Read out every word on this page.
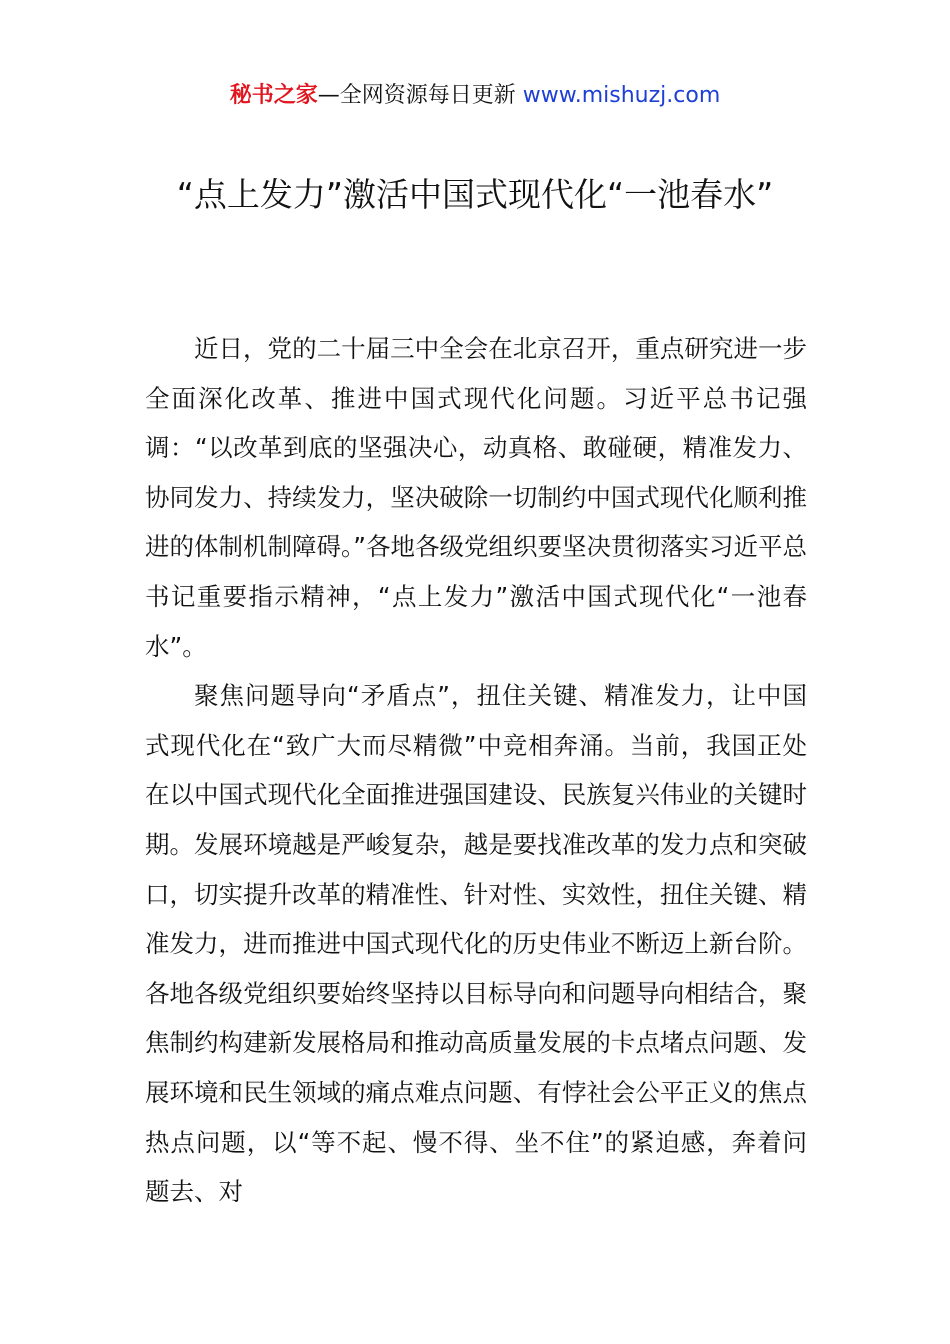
秘书之家—全网资源每日更新 www.mishuzj.com
“点上发力”激活中国式现代化“一池春水”

近日，党的二十届三中全会在北京召开，重点研究进一步全面深化改革、推进中国式现代化问题。习近平总书记强调：“以改革到底的坚强决心，动真格、敢碰硬，精准发力、协同发力、持续发力，坚决破除一切制约中国式现代化顺利推进的体制机制障碍。”各地各级党组织要坚决贯彻落实习近平总书记重要指示精神，“点上发力”激活中国式现代化“一池春水”。

聚焦问题导向“矛盾点”，扭住关键、精准发力，让中国式现代化在“致广大而尽精微”中竞相奔涌。当前，我国正处在以中国式现代化全面推进强国建设、民族复兴伟业的关键时期。发展环境越是严峻复杂，越是要找准改革的发力点和突破口，切实提升改革的精准性、针对性、实效性，扭住关键、精准发力，进而推进中国式现代化的历史伟业不断迈上新台阶。各地各级党组织要始终坚持以目标导向和问题导向相结合，聚焦制约构建新发展格局和推动高质量发展的卡点堵点问题、发展环境和民生领域的痛点难点问题、有悖社会公平正义的焦点热点问题，以“等不起、慢不得、坐不住”的紧迫感，奔着问题去、对
